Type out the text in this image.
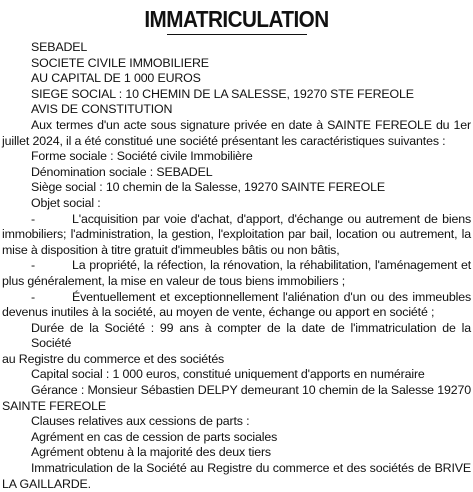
IMMATRICULATION
SEBADEL
SOCIETE CIVILE IMMOBILIERE
AU CAPITAL DE 1 000 EUROS
SIEGE SOCIAL : 10 CHEMIN DE LA SALESSE, 19270 STE FEREOLE
AVIS DE CONSTITUTION
Aux termes d'un acte sous signature privée en date à SAINTE FEREOLE du 1er
juillet 2024, il a été constitué une société présentant les caractéristiques suivantes :
Forme sociale : Société civile Immobilière
Dénomination sociale : SEBADEL
Siège social : 10 chemin de la Salesse, 19270 SAINTE FEREOLE
Objet social :
-	L'acquisition par voie d'achat, d'apport, d'échange ou autrement de biens
immobiliers; l'administration, la gestion, l'exploitation par bail, location ou autrement, la
mise à disposition à titre gratuit d'immeubles bâtis ou non bâtis,
-	La propriété, la réfection, la rénovation, la réhabilitation, l'aménagement et
plus généralement, la mise en valeur de tous biens immobiliers ;
-	Éventuellement et exceptionnellement l'aliénation d'un ou des immeubles
devenus inutiles à la société, au moyen de vente, échange ou apport en société ;
Durée de la Société : 99 ans à compter de la date de l'immatriculation de la Société
au Registre du commerce et des sociétés
Capital social : 1 000 euros, constitué uniquement d'apports en numéraire
Gérance : Monsieur Sébastien DELPY demeurant 10 chemin de la Salesse 19270
SAINTE FEREOLE
Clauses relatives aux cessions de parts :
Agrément en cas de cession de parts sociales
Agrément obtenu à la majorité des deux tiers
Immatriculation de la Société au Registre du commerce et des sociétés de BRIVE
LA GAILLARDE.
